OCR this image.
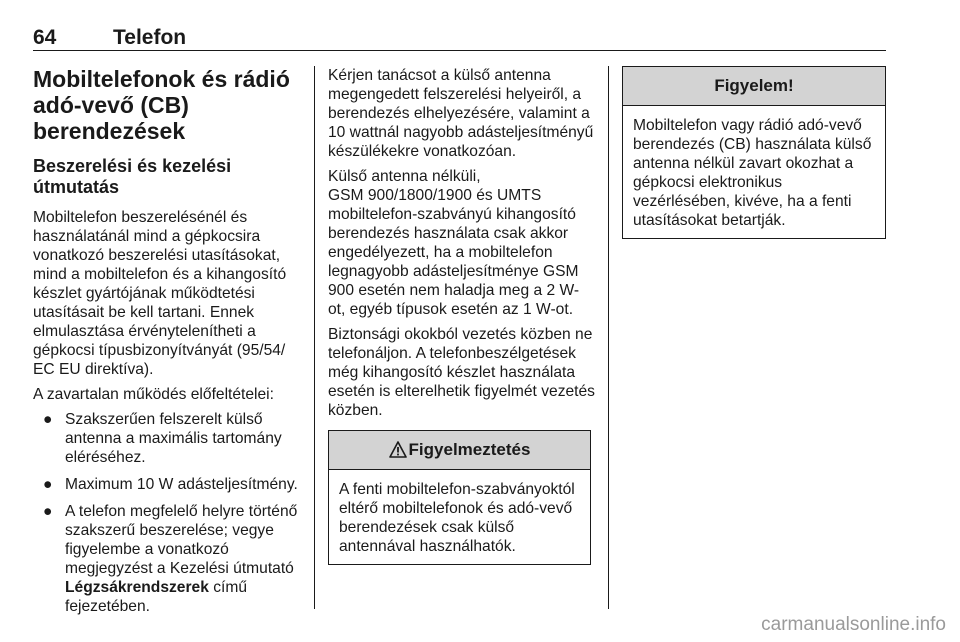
64	Telefon
Mobiltelefonok és rádió adó-vevő (CB) berendezések
Beszerelési és kezelési útmutatás

Mobiltelefon beszerelésénél és használatánál mind a gépkocsira vonatkozó beszerelési utasításokat, mind a mobiltelefon és a kihangosító készlet gyártójának működtetési utasításait be kell tartani. Ennek elmulasztása érvénytelenítheti a gépkocsi típusbizonyítványát (95/54/ EC EU direktíva).

A zavartalan működés előfeltételei:

● Szakszerűen felszerelt külső antenna a maximális tartomány eléréséhez.
● Maximum 10 W adásteljesítmény.
● A telefon megfelelő helyre történő szakszerű beszerelése; vegye figyelembe a vonatkozó megjegyzést a Kezelési útmutató Légzsákrendszerek című fejezetében.

Kérjen tanácsot a külső antenna megengedett felszerelési helyeiről, a berendezés elhelyezésére, valamint a 10 wattnál nagyobb adásteljesítményű készülékekre vonatkozóan.

Külső antenna nélküli,
GSM 900/1800/1900 és UMTS mobiltelefon-szabványú kihangosító berendezés használata csak akkor engedélyezett, ha a mobiltelefon legnagyobb adásteljesítménye GSM 900 esetén nem haladja meg a 2 W-ot, egyéb típusok esetén az 1 W-ot.

Biztonsági okokból vezetés közben ne telefonáljon. A telefonbeszélgetések még kihangosító készlet használata esetén is elterelhetik figyelmét vezetés közben.

Figyelmeztetés
A fenti mobiltelefon-szabványoktól eltérő mobiltelefonok és adó-vevő berendezések csak külső antennával használhatók.
Figyelem!
Mobiltelefon vagy rádió adó-vevő berendezés (CB) használata külső antenna nélkül zavart okozhat a gépkocsi elektronikus vezérlésében, kivéve, ha a fenti utasításokat betartják.
carmanualsonline.info
